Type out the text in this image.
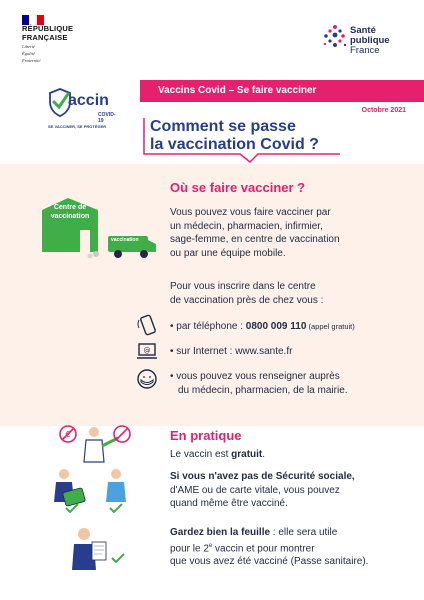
RÉPUBLIQUE
FRANÇAISE
Liberté
Égalité
Fraternité
Santé
publique
France
Vaccins Covid – Se faire vacciner
Octobre 2021
accin
COVID-19
SE VACCINER, SE PROTÉGER	Comment se passe
la vaccination Covid ?
Centre de
vaccination
vaccination
Où se faire vacciner ?
Vous pouvez vous faire vacciner par
un médecin, pharmacien, infirmier,
sage-femme, en centre de vaccination
ou par une équipe mobile.
Pour vous inscrire dans le centre
de vaccination près de chez vous :
• par téléphone : 0800 009 110 (appel gratuit)
@ • sur Internet : www.sante.fr
• vous pouvez vous renseigner auprès
du médecin, pharmacien, de la mairie.
En pratique
Le vaccin est gratuit.
Si vous n'avez pas de Sécurité sociale,
d'AME ou de carte vitale, vous pouvez
quand même être vacciné.
Gardez bien la feuille : elle sera utile
pour le 2e vaccin et pour montrer
que vous avez été vacciné (Passe sanitaire).
€
